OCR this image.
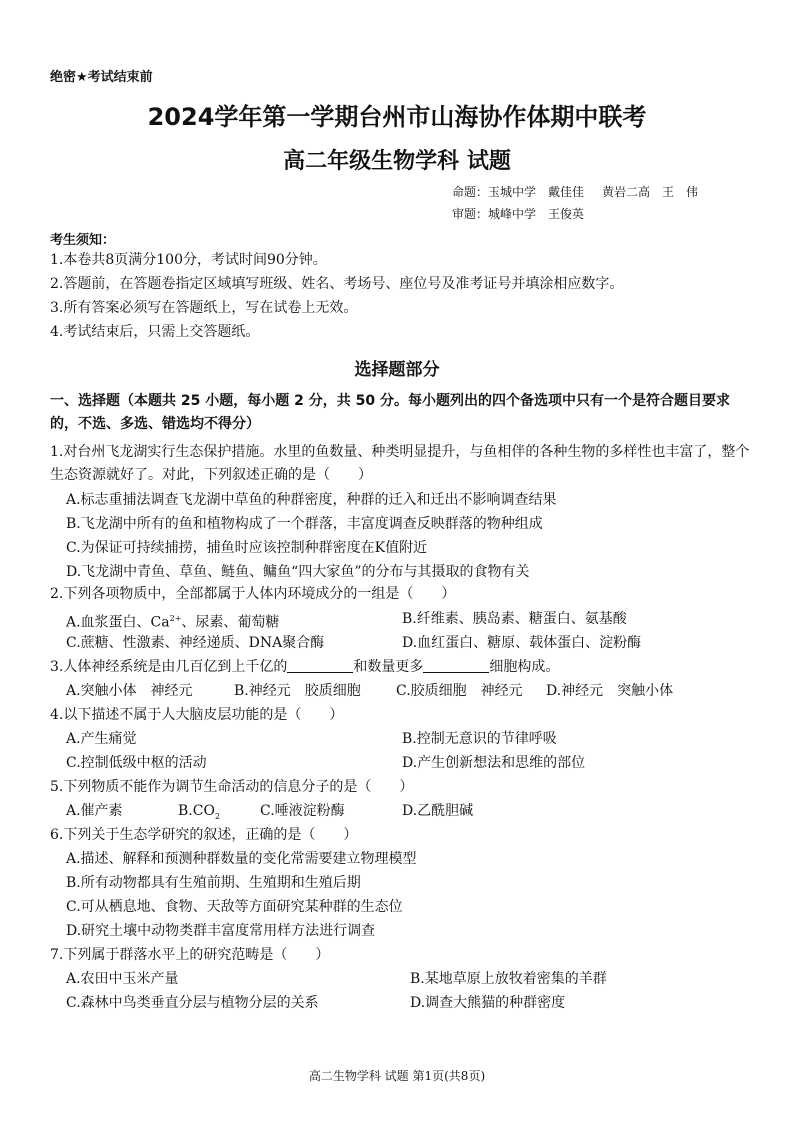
绝密★考试结束前
2024学年第一学期台州市山海协作体期中联考
高二年级生物学科 试题
命题：玉城中学　戴佳佳 黄岩二高　王　伟
审题：城峰中学　王俊英
考生须知：
1.本卷共8页满分100分，考试时间90分钟。
2.答题前，在答题卷指定区域填写班级、姓名、考场号、座位号及准考证号并填涂相应数字。
3.所有答案必须写在答题纸上，写在试卷上无效。
4.考试结束后，只需上交答题纸。
选择题部分
一、选择题（本题共 25 小题，每小题 2 分，共 50 分。每小题列出的四个备选项中只有一个是符合题目要求的，不选、多选、错选均不得分）
1.对台州飞龙湖实行生态保护措施。水里的鱼数量、种类明显提升，与鱼相伴的各种生物的多样性也丰富了，整个生态资源就好了。对此，下列叙述正确的是（　　）
A.标志重捕法调查飞龙湖中草鱼的种群密度，种群的迁入和迁出不影响调查结果
B.飞龙湖中所有的鱼和植物构成了一个群落，丰富度调查反映群落的物种组成
C.为保证可持续捕捞，捕鱼时应该控制种群密度在K值附近
D.飞龙湖中青鱼、草鱼、鲢鱼、鳙鱼“四大家鱼”的分布与其摄取的食物有关
2.下列各项物质中，全部都属于人体内环境成分的一组是（　　）
A.血浆蛋白、$Ca^{2+}$、尿素、葡萄糖	B.纤维素、胰岛素、糖蛋白、氨基酸
C.蔗糖、性激素、神经递质、DNA聚合酶	D.血红蛋白、糖原、载体蛋白、淀粉酶
3.人体神经系统是由几百亿到上千亿的	和数量更多	细胞构成。
A.突触小体　神经元	B.神经元　胶质细胞	C.胶质细胞　神经元 D.神经元　突触小体
4.以下描述不属于人大脑皮层功能的是（　　）
A.产生痛觉	B.控制无意识的节律呼吸
C.控制低级中枢的活动	D.产生创新想法和思维的部位
5.下列物质不能作为调节生命活动的信息分子的是（　　）
A.催产素	$B.CO_2$	C.唾液淀粉酶	D.乙酰胆碱
6.下列关于生态学研究的叙述，正确的是（　　）
A.描述、解释和预测种群数量的变化常需要建立物理模型
B.所有动物都具有生殖前期、生殖期和生殖后期
C.可从栖息地、食物、天敌等方面研究某种群的生态位
D.研究土壤中动物类群丰富度常用样方法进行调查
7.下列属于群落水平上的研究范畴是（　　）
A.农田中玉米产量	B.某地草原上放牧着密集的羊群
C.森林中鸟类垂直分层与植物分层的关系	D.调查大熊猫的种群密度
高二生物学科 试题 第1页(共8页)
